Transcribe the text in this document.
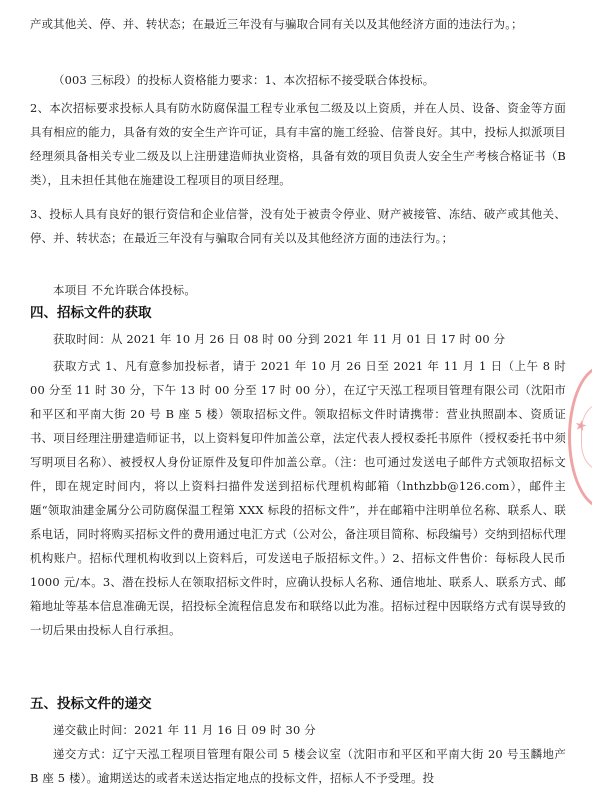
产或其他关、停、并、转状态；在最近三年没有与骗取合同有关以及其他经济方面的违法行为。；

（003 三标段）的投标人资格能力要求：1、本次招标不接受联合体投标。

2、本次招标要求投标人具有防水防腐保温工程专业承包二级及以上资质，并在人员、设备、资金等方面具有相应的能力，具备有效的安全生产许可证，具有丰富的施工经验、信誉良好。其中，投标人拟派项目经理须具备相关专业二级及以上注册建造师执业资格，具备有效的项目负责人安全生产考核合格证书（B 类），且未担任其他在施建设工程项目的项目经理。

3、投标人具有良好的银行资信和企业信誉，没有处于被责令停业、财产被接管、冻结、破产或其他关、停、并、转状态；在最近三年没有与骗取合同有关以及其他经济方面的违法行为。；

本项目 不允许联合体投标。

四、招标文件的获取

获取时间：从 2021 年 10 月 26 日 08 时 00 分到 2021 年 11 月 01 日 17 时 00 分

获取方式 1、凡有意参加投标者，请于 2021 年 10 月 26 日至 2021 年 11 月 1 日（上午 8 时 00 分至 11 时 30 分，下午 13 时 00 分至 17 时 00 分），在辽宁天泓工程项目管理有限公司（沈阳市和平区和平南大街 20 号 B 座 5 楼）领取招标文件。领取招标文件时请携带：营业执照副本、资质证书、项目经理注册建造师证书，以上资料复印件加盖公章，法定代表人授权委托书原件（授权委托书中须写明项目名称）、被授权人身份证原件及复印件加盖公章。（注：也可通过发送电子邮件方式领取招标文件，即在规定时间内，将以上资料扫描件发送到招标代理机构邮箱（lnthzbb@126.com），邮件主题“领取油建金属分公司防腐保温工程第 XXX 标段的招标文件”，并在邮箱中注明单位名称、联系人、联系电话，同时将购买招标文件的费用通过电汇方式（公对公，备注项目简称、标段编号）交纳到招标代理机构账户。招标代理机构收到以上资料后，可发送电子版招标文件。）2、招标文件售价：每标段人民币 1000 元/本。3、潜在投标人在领取招标文件时，应确认投标人名称、通信地址、联系人、联系方式、邮箱地址等基本信息准确无误，招投标全流程信息发布和联络以此为准。招标过程中因联络方式有误导致的一切后果由投标人自行承担。

五、投标文件的递交

递交截止时间：2021 年 11 月 16 日 09 时 30 分

递交方式：辽宁天泓工程项目管理有限公司 5 楼会议室（沈阳市和平区和平南大街 20 号玉麟地产 B 座 5 楼）。逾期送达的或者未送达指定地点的投标文件，招标人不予受理。投

★
